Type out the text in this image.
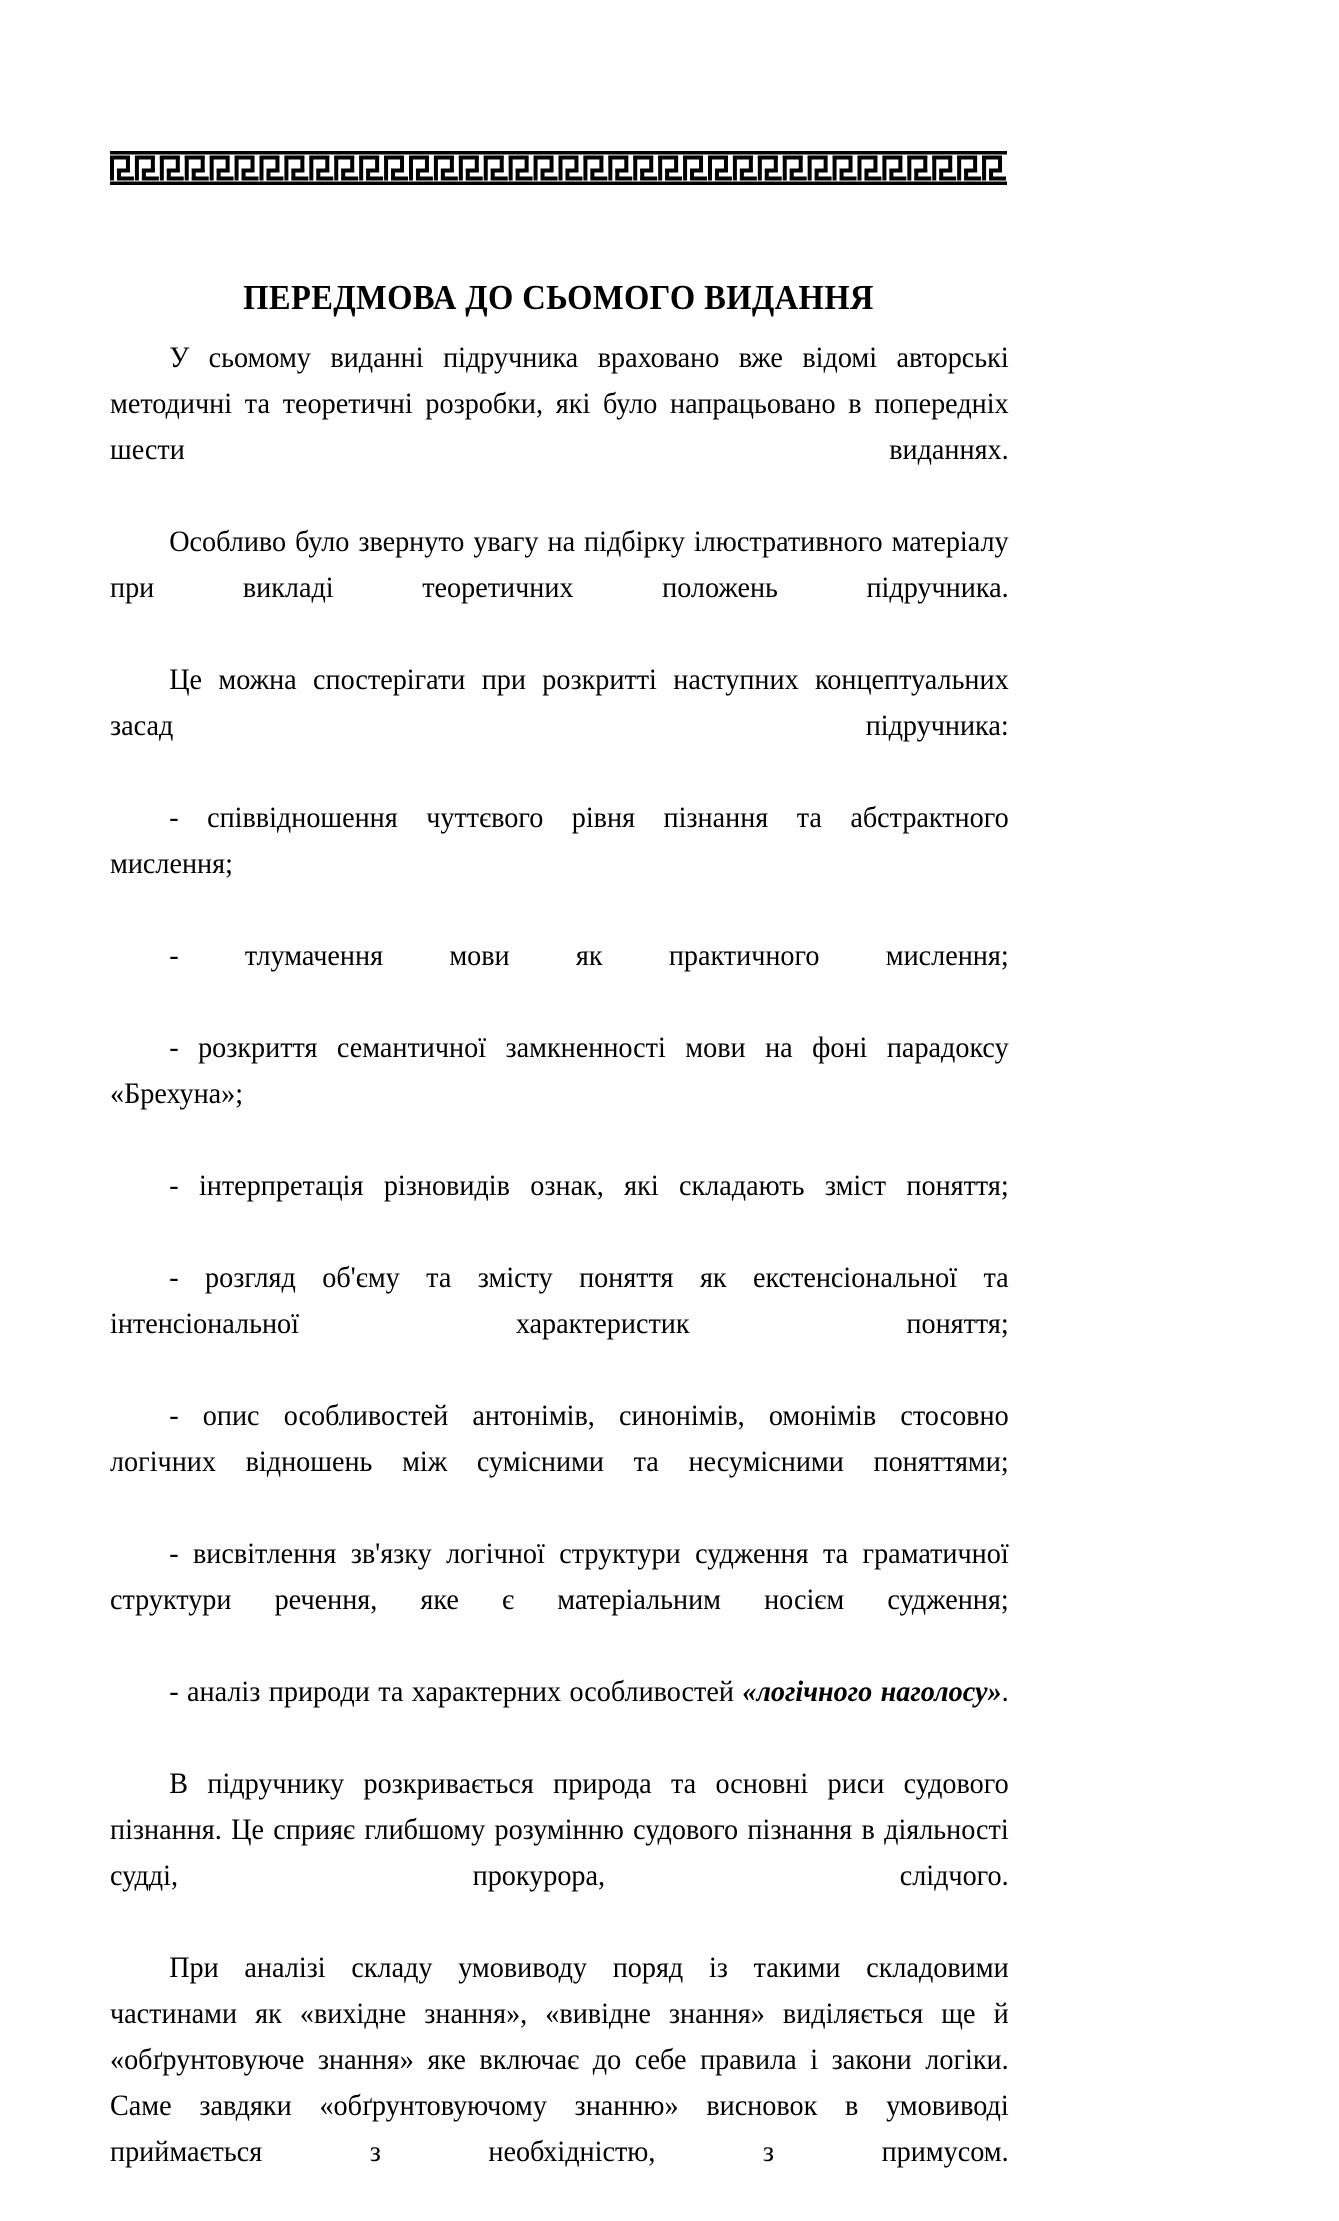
ПЕРЕДМОВА ДО СЬОМОГО ВИДАННЯ

У сьомому виданні підручника враховано вже відомі авторські методичні та теоретичні розробки, які було напрацьовано в попередніх шести виданнях.

Особливо було звернуто увагу на підбірку ілюстративного матеріалу при викладі теоретичних положень підручника.

Це можна спостерігати при розкритті наступних концептуальних засад підручника:

- співвідношення чуттєвого рівня пізнання та абстрактного мислення;

- тлумачення мови як практичного мислення;

- розкриття семантичної замкненності мови на фоні парадоксу «Брехуна»;

- інтерпретація різновидів ознак, які складають зміст поняття;

- розгляд об'єму та змісту поняття як екстенсіональної та інтенсіональної характеристик поняття;

- опис особливостей антонімів, синонімів, омонімів стосовно логічних відношень між сумісними та несумісними поняттями;

- висвітлення зв'язку логічної структури судження та граматичної структури речення, яке є матеріальним носієм судження;

- аналіз природи та характерних особливостей «логічного наголосу».

В підручнику розкривається природа та основні риси судового пізнання. Це сприяє глибшому розумінню судового пізнання в діяльності судді, прокурора, слідчого.

При аналізі складу умовиводу поряд із такими складовими частинами як «вихідне знання», «вивідне знання» виділяється ще й «обґрунтовуюче знання» яке включає до себе правила і закони логіки. Саме завдяки «обґрунтовуючому знанню» висновок в умовиводі приймається з необхідністю, з примусом.
